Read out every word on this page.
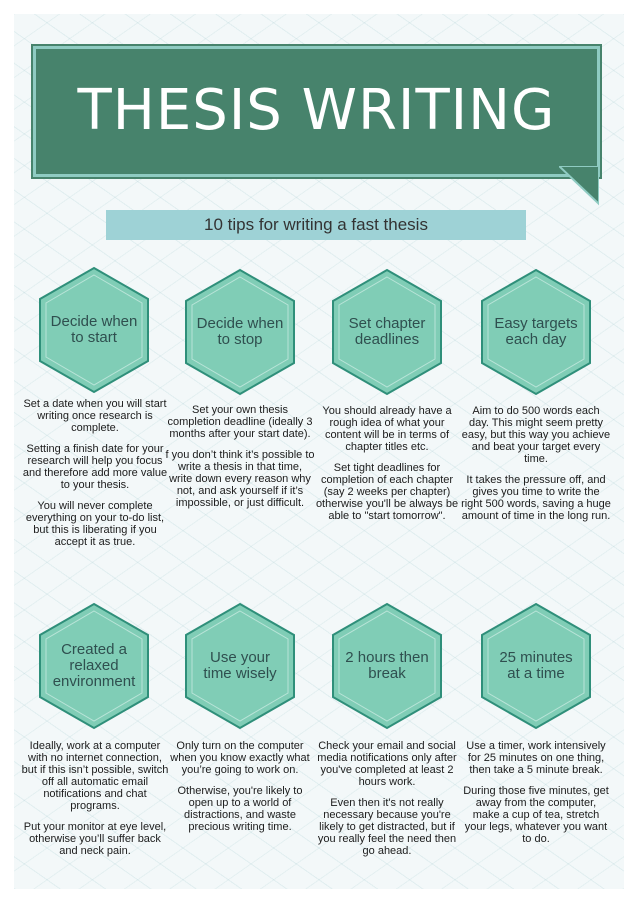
THESIS WRITING
10 tips for writing a fast thesis
Decide when to start
Decide when to stop
Set chapter deadlines
Easy targets each day

Set a date when you will start writing once research is complete.

Setting a finish date for your research will help you focus and therefore add more value to your thesis.

You will never complete everything on your to-do list, but this is liberating if you accept it as true.

Set your own thesis completion deadline (ideally 3 months after your start date).

f you don’t think it’s possible to write a thesis in that time, write down every reason why not, and ask yourself if it’s impossible, or just difficult.

You should already have a rough idea of what your content will be in terms of chapter titles etc.

Set tight deadlines for completion of each chapter (say 2 weeks per chapter) otherwise you'll be always be able to "start tomorrow".

Aim to do 500 words each day. This might seem pretty easy, but this way you achieve and beat your target every time.

It takes the pressure off, and gives you time to write the right 500 words, saving a huge amount of time in the long run.

Created a relaxed environment
Use your time wisely
2 hours then break
25 minutes at a time

Ideally, work at a computer with no internet connection, but if this isn’t possible, switch off all automatic email notifications and chat programs.

Put your monitor at eye level, otherwise you’ll suffer back and neck pain.

Only turn on the computer when you know exactly what you’re going to work on.

Otherwise, you're likely to open up to a world of distractions, and waste precious writing time.

Check your email and social media notifications only after you've completed at least 2 hours work.

Even then it's not really necessary because you're likely to get distracted, but if you really feel the need then go ahead.

Use a timer, work intensively for 25 minutes on one thing, then take a 5 minute break.

During those five minutes, get away from the computer, make a cup of tea, stretch your legs, whatever you want to do.
